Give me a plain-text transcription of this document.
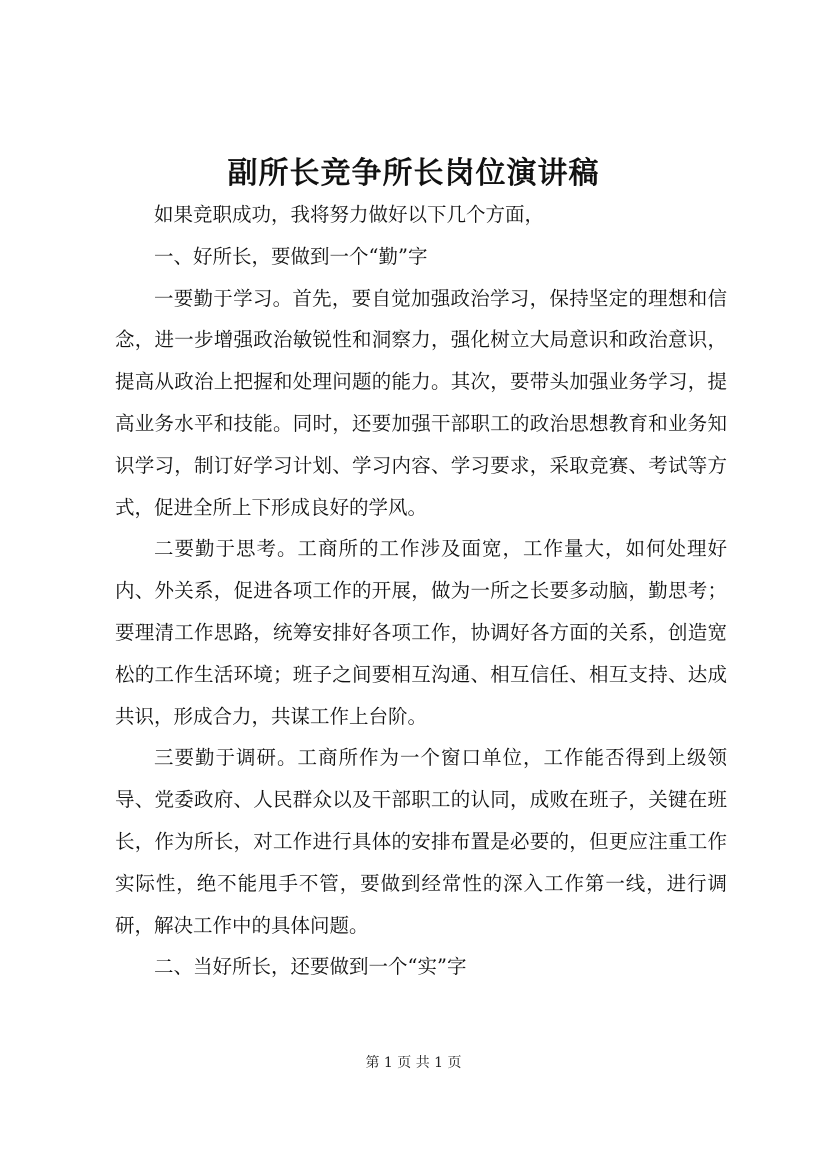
副所长竞争所长岗位演讲稿

如果竞职成功，我将努力做好以下几个方面，

一、好所长，要做到一个“勤”字

一要勤于学习。首先，要自觉加强政治学习，保持坚定的理想和信念，进一步增强政治敏锐性和洞察力，强化树立大局意识和政治意识，提高从政治上把握和处理问题的能力。其次，要带头加强业务学习，提高业务水平和技能。同时，还要加强干部职工的政治思想教育和业务知识学习，制订好学习计划、学习内容、学习要求，采取竞赛、考试等方式，促进全所上下形成良好的学风。

二要勤于思考。工商所的工作涉及面宽，工作量大，如何处理好内、外关系，促进各项工作的开展，做为一所之长要多动脑，勤思考；要理清工作思路，统筹安排好各项工作，协调好各方面的关系，创造宽松的工作生活环境；班子之间要相互沟通、相互信任、相互支持、达成共识，形成合力，共谋工作上台阶。

三要勤于调研。工商所作为一个窗口单位，工作能否得到上级领导、党委政府、人民群众以及干部职工的认同，成败在班子，关键在班长，作为所长，对工作进行具体的安排布置是必要的，但更应注重工作实际性，绝不能甩手不管，要做到经常性的深入工作第一线，进行调研，解决工作中的具体问题。

二、当好所长，还要做到一个“实”字

第 1 页 共 1 页
